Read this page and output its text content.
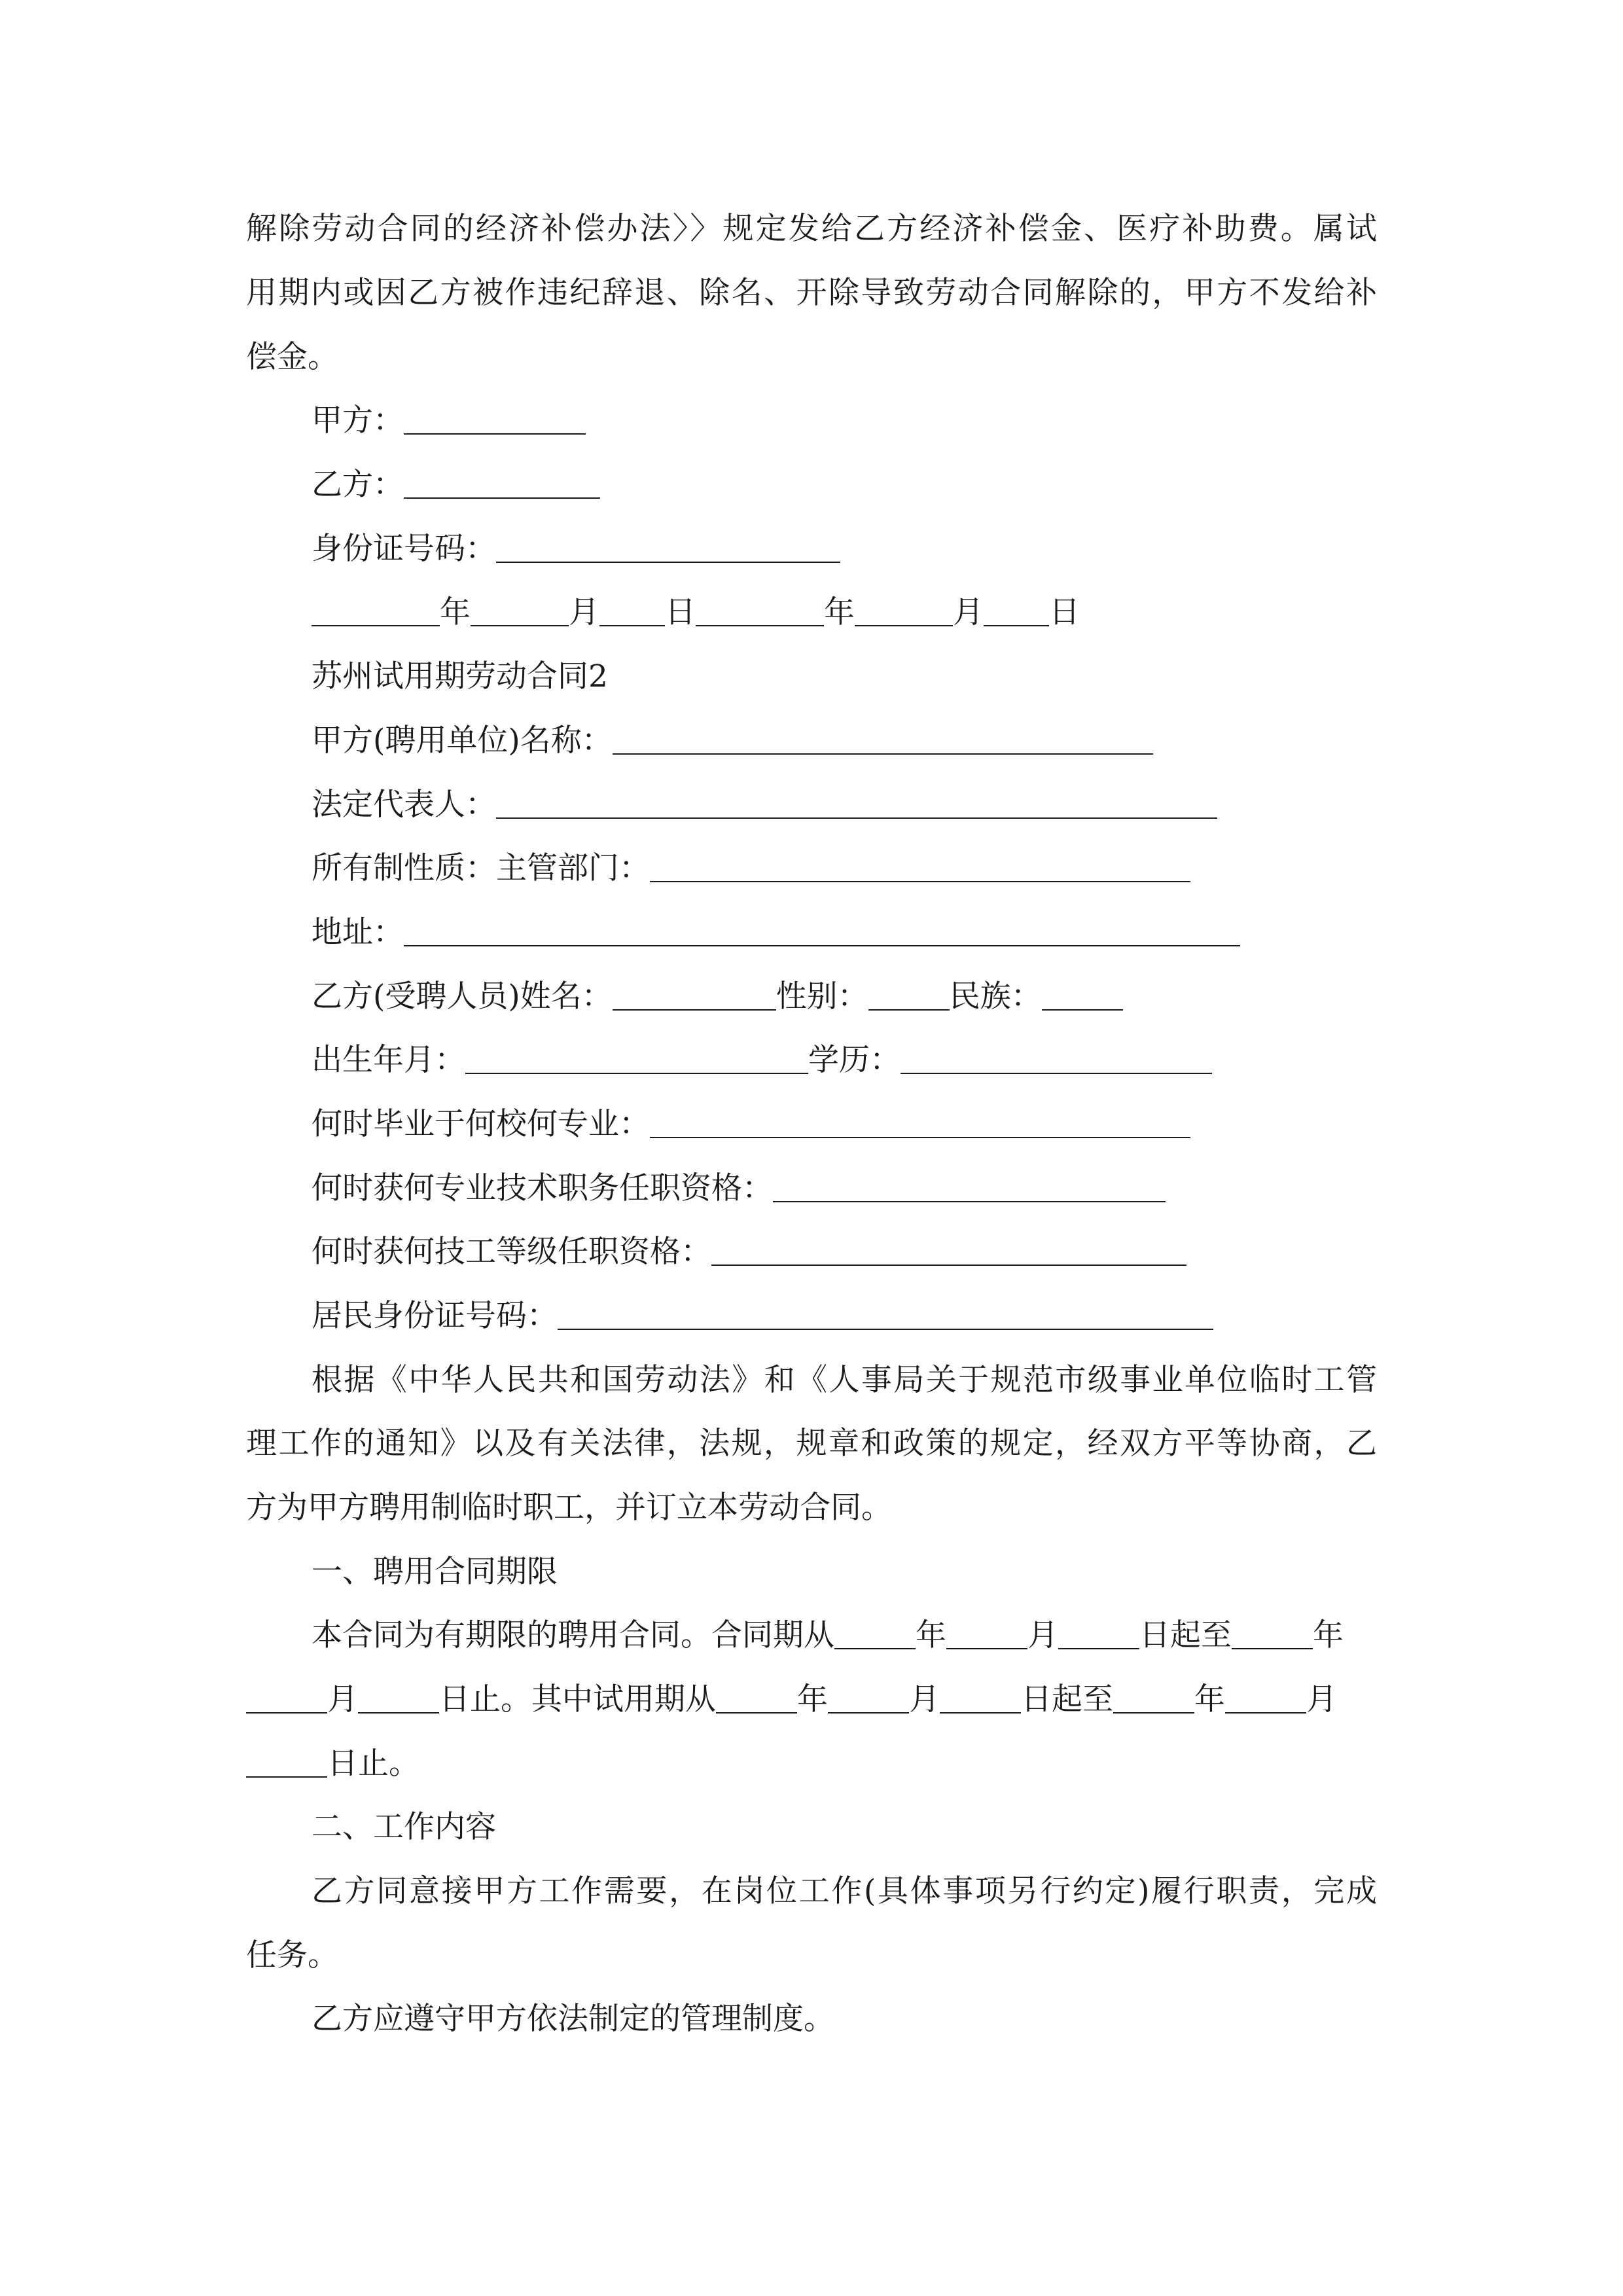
解除劳动合同的经济补偿办法〉〉规定发给乙方经济补偿金、医疗补助费。属试
用期内或因乙方被作违纪辞退、除名、开除导致劳动合同解除的，甲方不发给补
偿金。
甲方：
乙方：
身份证号码：
年	月 日	年	月 日
苏州试用期劳动合同2
甲方(聘用单位)名称：
法定代表人：
所有制性质：主管部门：
地址：
乙方(受聘人员)姓名：	性别：	民族：
出生年月：	学历：
何时毕业于何校何专业：
何时获何专业技术职务任职资格：
何时获何技工等级任职资格：
居民身份证号码：
根据《中华人民共和国劳动法》和《人事局关于规范市级事业单位临时工管
理工作的通知》以及有关法律，法规，规章和政策的规定，经双方平等协商，乙
方为甲方聘用制临时职工，并订立本劳动合同。
一、聘用合同期限
本合同为有期限的聘用合同。合同期从	年	月	日起至	年
月	日止。其中试用期从	年	月	日起至	年	月
日止。
二、工作内容
乙方同意接甲方工作需要，在岗位工作(具体事项另行约定)履行职责，完成
任务。
乙方应遵守甲方依法制定的管理制度。
